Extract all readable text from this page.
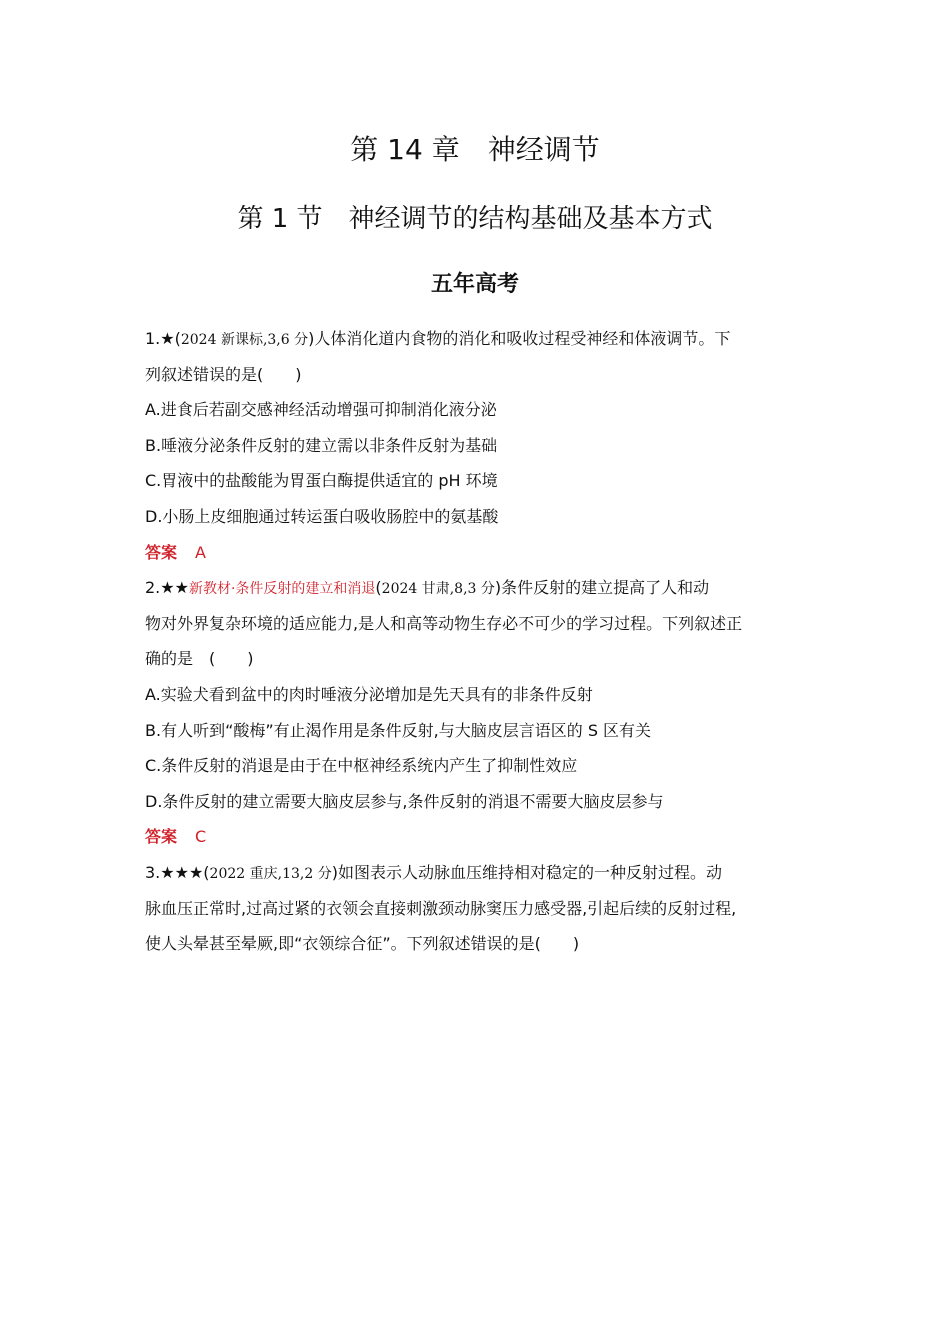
第 14 章　神经调节
第 1 节　神经调节的结构基础及基本方式
五年高考
1.★(2024 新课标,3,6 分)人体消化道内食物的消化和吸收过程受神经和体液调节。下
列叙述错误的是(　　)
A.进食后若副交感神经活动增强可抑制消化液分泌
B.唾液分泌条件反射的建立需以非条件反射为基础
C.胃液中的盐酸能为胃蛋白酶提供适宜的 pH 环境
D.小肠上皮细胞通过转运蛋白吸收肠腔中的氨基酸
答案 A
2.★★新教材·条件反射的建立和消退(2024 甘肃,8,3 分)条件反射的建立提高了人和动
物对外界复杂环境的适应能力,是人和高等动物生存必不可少的学习过程。下列叙述正
确的是　(　　)
A.实验犬看到盆中的肉时唾液分泌增加是先天具有的非条件反射
B.有人听到“酸梅”有止渴作用是条件反射,与大脑皮层言语区的 S 区有关
C.条件反射的消退是由于在中枢神经系统内产生了抑制性效应
D.条件反射的建立需要大脑皮层参与,条件反射的消退不需要大脑皮层参与
答案 C
3.★★★(2022 重庆,13,2 分)如图表示人动脉血压维持相对稳定的一种反射过程。动
脉血压正常时,过高过紧的衣领会直接刺激颈动脉窦压力感受器,引起后续的反射过程,
使人头晕甚至晕厥,即“衣领综合征”。下列叙述错误的是(　　)
